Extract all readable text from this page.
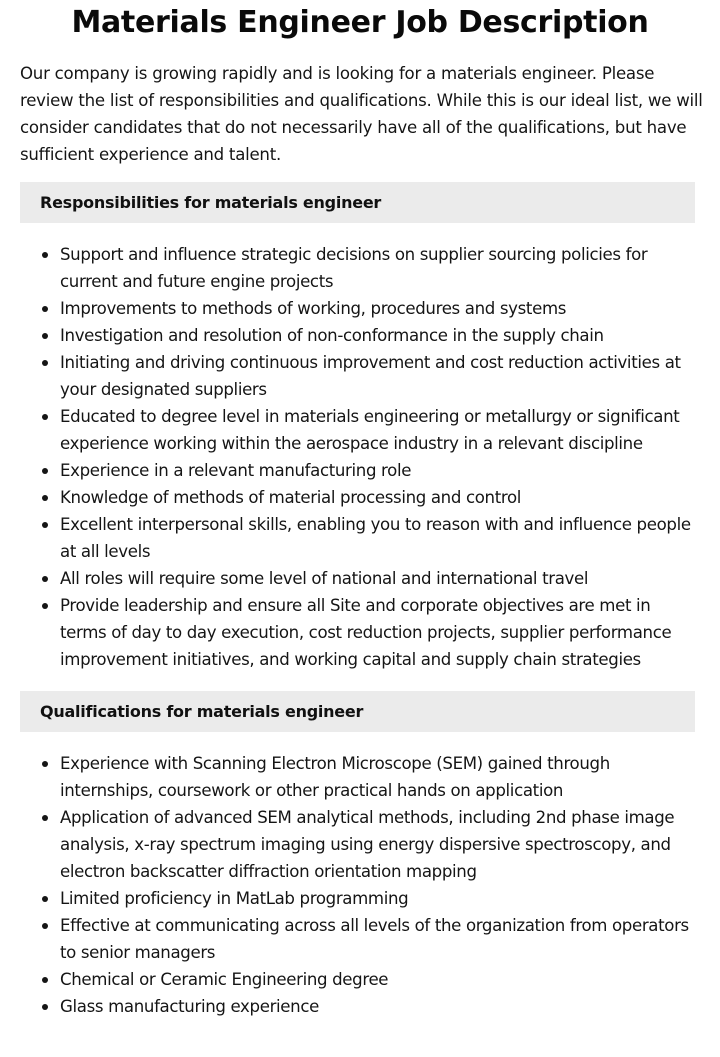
Materials Engineer Job Description
Our company is growing rapidly and is looking for a materials engineer. Please review the list of responsibilities and qualifications. While this is our ideal list, we will consider candidates that do not necessarily have all of the qualifications, but have sufficient experience and talent.
Responsibilities for materials engineer
Support and influence strategic decisions on supplier sourcing policies for current and future engine projects
Improvements to methods of working, procedures and systems
Investigation and resolution of non-conformance in the supply chain
Initiating and driving continuous improvement and cost reduction activities at your designated suppliers
Educated to degree level in materials engineering or metallurgy or significant experience working within the aerospace industry in a relevant discipline
Experience in a relevant manufacturing role
Knowledge of methods of material processing and control
Excellent interpersonal skills, enabling you to reason with and influence people at all levels
All roles will require some level of national and international travel
Provide leadership and ensure all Site and corporate objectives are met in terms of day to day execution, cost reduction projects, supplier performance improvement initiatives, and working capital and supply chain strategies
Qualifications for materials engineer
Experience with Scanning Electron Microscope (SEM) gained through internships, coursework or other practical hands on application
Application of advanced SEM analytical methods, including 2nd phase image analysis, x-ray spectrum imaging using energy dispersive spectroscopy, and electron backscatter diffraction orientation mapping
Limited proficiency in MatLab programming
Effective at communicating across all levels of the organization from operators to senior managers
Chemical or Ceramic Engineering degree
Glass manufacturing experience
